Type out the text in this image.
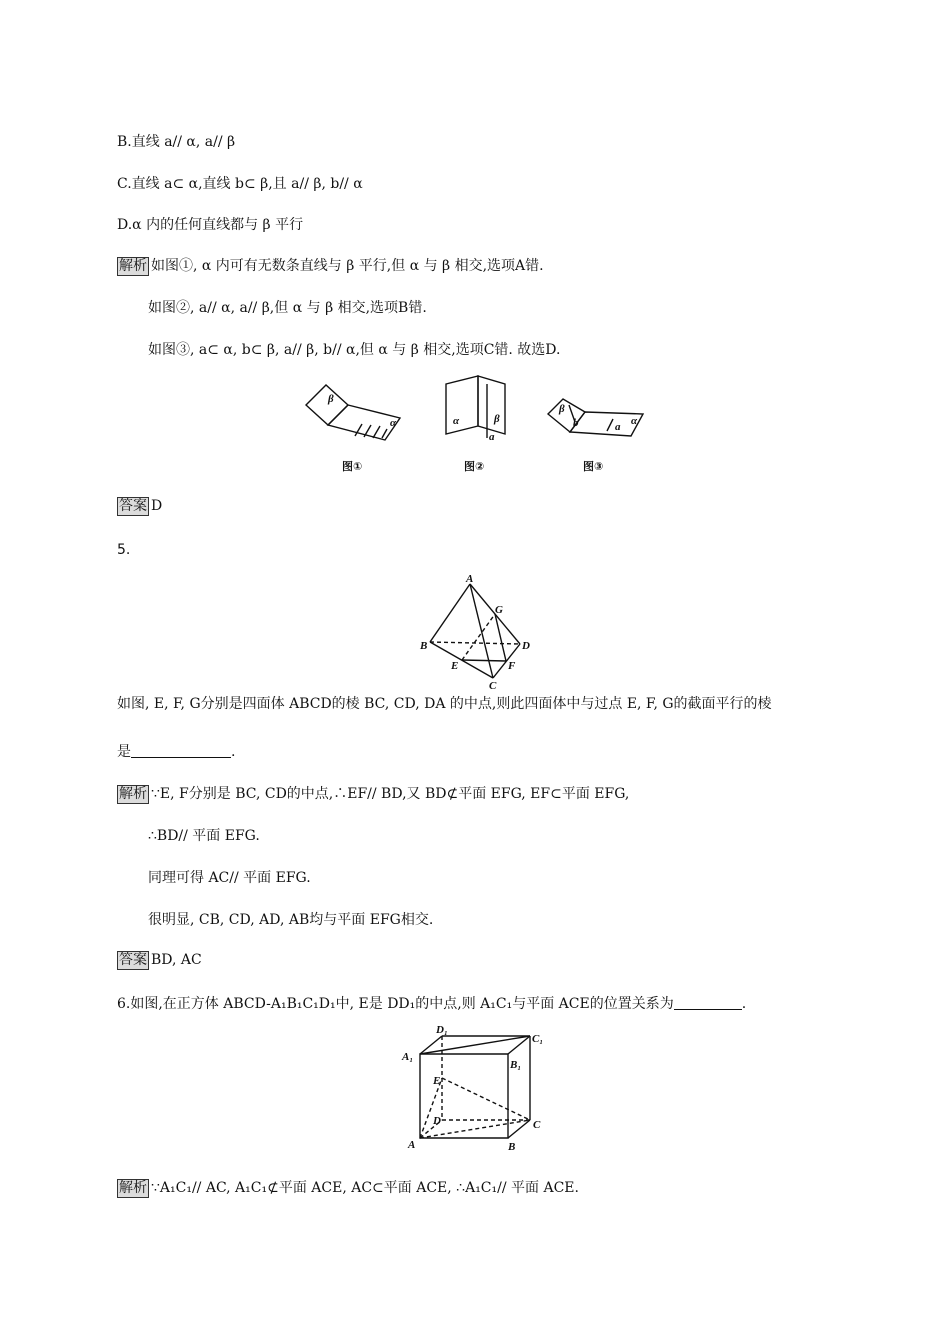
B.直线 a// α, a// β
C.直线 a⊂ α,直线 b⊂ β,且 a// β, b// α
D.α 内的任何直线都与 β 平行
解析 如图①, α 内可有无数条直线与 β 平行,但 α 与 β 相交,选项A错.
如图②, a// α, a// β,但 α 与 β 相交,选项B错.
如图③, a⊂ α, b⊂ β, a// β, b// α,但 α 与 β 相交,选项C错. 故选D.
β
α
图①
α	β
a
图②
β
b	a α
图③
答案 D
5.
A
B
C
D
E	F
G
如图, E, F, G分别是四面体 ABCD的棱 BC, CD, DA 的中点,则此四面体中与过点 E, F, G的截面平行的棱
是	.
解析 ∵E, F分别是 BC, CD的中点,∴EF// BD,又 BD⊄平面 EFG, EF⊂平面 EFG,
∴BD// 平面 EFG.
同理可得 AC// 平面 EFG.
很明显, CB, CD, AD, AB均与平面 EFG相交.
答案 BD, AC
6.如图,在正方体 ABCD-A₁B₁C₁D₁中, E是 DD₁的中点,则 A₁C₁与平面 ACE的位置关系为	.
D₁
C₁
A₁
B₁
E
D	C
A	B
解析 ∵A₁C₁// AC, A₁C₁⊄平面 ACE, AC⊂平面 ACE, ∴A₁C₁// 平面 ACE.
